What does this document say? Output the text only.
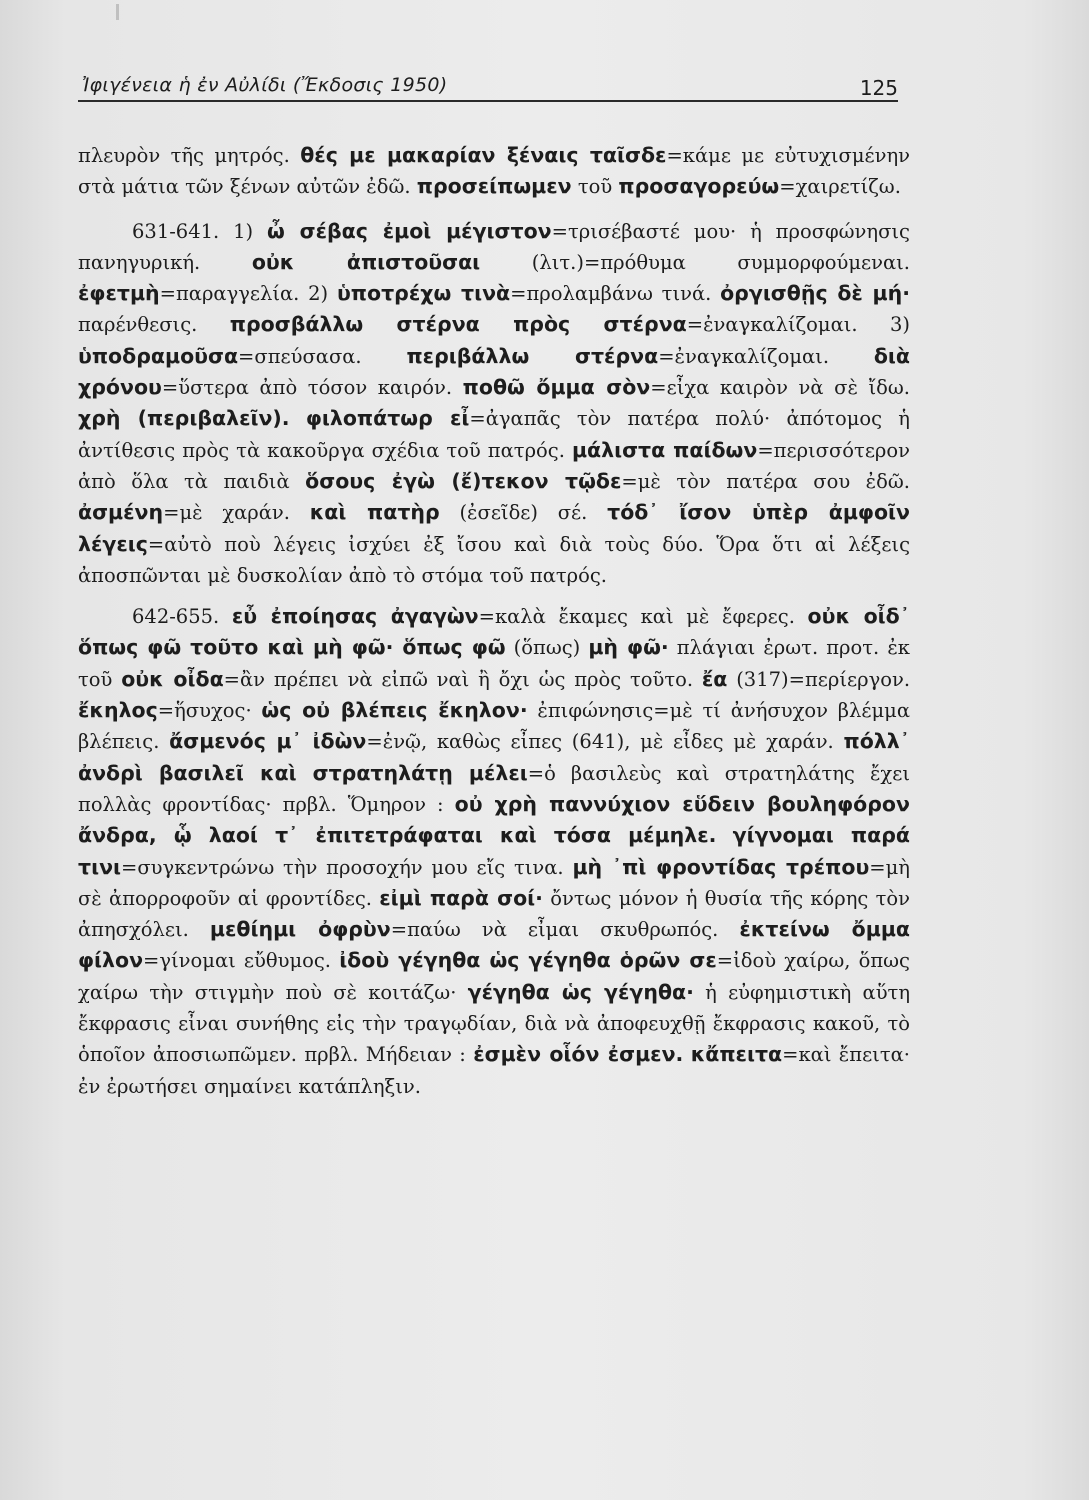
Ἰφιγένεια ἡ ἐν Αὐλίδι (Ἔκδοσις 1950)	125

πλευρὸν τῆς μητρός. θές με μακαρίαν ξέναις ταῖσδε=κάμε με εὐτυχισμένην στὰ μάτια τῶν ξένων αὐτῶν ἐδῶ. προσείπωμεν τοῦ προσαγορεύω=χαιρετίζω.

631-641. 1) ὦ σέβας ἐμοὶ μέγιστον=τρισέβαστέ μου· ἡ προσφώνησις πανηγυρική.	οὐκ ἀπιστοῦσαι	(λιτ.)=πρόθυμα συμμορφούμεναι. ἐφετμὴ=παραγγελία. 2) ὑποτρέχω τινὰ=προλαμβάνω τινά. ὀργισθῇς δὲ μή· παρένθεσις. προσβάλλω στέρνα πρὸς στέρνα=ἐναγκαλίζομαι. 3) ὑποδραμοῦσα=σπεύσασα. περιβάλλω στέρνα=ἐναγκαλίζομαι. διὰ χρόνου=ὕστερα ἀπὸ τόσον καιρόν. ποθῶ ὄμμα σὸν=εἶχα καιρὸν νὰ σὲ ἴδω. χρὴ (περιβαλεῖν). φιλοπάτωρ εἶ=ἀγαπᾶς τὸν πατέρα πολύ· ἀπότομος ἡ ἀντίθεσις πρὸς τὰ κακοῦργα σχέδια τοῦ πατρός. μάλιστα παίδων=περισσότερον ἀπὸ ὅλα τὰ παιδιὰ ὅσους ἐγὼ (ἔ)τεκον τῷδε=μὲ τὸν πατέρα σου ἐδῶ. ἀσμένη=μὲ χαράν. καὶ πατὴρ (ἐσεῖδε) σέ. τόδ᾽ ἴσον ὑπὲρ ἀμφοῖν λέγεις=αὐτὸ ποὺ λέγεις ἰσχύει ἐξ ἴσου καὶ διὰ τοὺς δύο. Ὅρα ὅτι αἱ λέξεις ἀποσπῶνται μὲ δυσκολίαν ἀπὸ τὸ στόμα τοῦ πατρός.

642-655. εὖ ἐποίησας ἀγαγὼν=καλὰ ἔκαμες καὶ μὲ ἔφερες. οὐκ οἶδ᾽ ὅπως φῶ τοῦτο καὶ μὴ φῶ· ὅπως φῶ (ὅπως) μὴ φῶ· πλάγιαι ἐρωτ. προτ. ἐκ τοῦ οὐκ οἶδα=ἂν πρέπει νὰ εἰπῶ ναὶ ἢ ὄχι ὡς πρὸς τοῦτο. ἔα (317)=περίεργον. ἔκηλος=ἥσυχος· ὡς οὐ βλέπεις ἔκηλον· ἐπιφώνησις=μὲ τί ἀνήσυχον βλέμμα βλέπεις. ἄσμενός μ᾽ ἰδὼν=ἐνῷ, καθὼς εἶπες (641), μὲ εἶδες μὲ χαράν. πόλλ᾽ ἀνδρὶ βασιλεῖ καὶ στρατηλάτῃ μέλει=ὁ βασιλεὺς καὶ στρατηλάτης ἔχει πολλὰς φροντίδας· πρβλ. Ὅμηρον : οὐ χρὴ παννύχιον εὕδειν βουληφόρον ἄνδρα, ᾧ λαοί τ᾽ ἐπιτετράφαται καὶ τόσα μέμηλε. γίγνομαι παρά τινι=συγκεντρώνω τὴν προσοχήν μου εἴς τινα. μὴ ᾽πὶ φροντίδας τρέπου=μὴ σὲ ἀπορροφοῦν αἱ φροντίδες. εἰμὶ παρὰ σοί· ὄντως μόνον ἡ θυσία τῆς κόρης τὸν ἀπησχόλει. μεθίημι ὀφρὺν=παύω νὰ εἶμαι σκυθρωπός. ἐκτείνω ὄμμα φίλον=γίνομαι εὔθυμος. ἰδοὺ γέγηθα ὡς γέγηθα ὁρῶν σε=ἰδοὺ χαίρω, ὅπως χαίρω τὴν στιγμὴν ποὺ σὲ κοιτάζω· γέγηθα ὡς γέγηθα· ἡ εὐφημιστικὴ αὕτη ἔκφρασις εἶναι συνήθης εἰς τὴν τραγῳδίαν, διὰ νὰ ἀποφευχθῇ ἔκφρασις κακοῦ, τὸ ὁποῖον ἀποσιωπῶμεν. πρβλ. Μήδειαν : ἐσμὲν οἷόν ἐσμεν. κἄπειτα=καὶ ἔπειτα· ἐν ἐρωτήσει σημαίνει κατάπληξιν.
